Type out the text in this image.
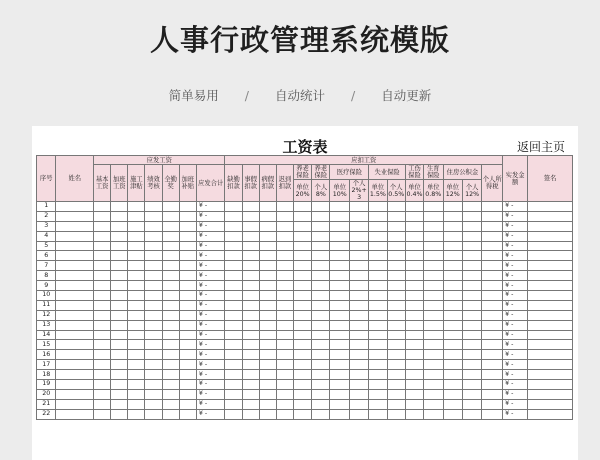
人事行政管理系统模版
简单易用 / 自动统计 / 自动更新
工资表	返回主页
序号	姓名	应发工资							应扣工资															实发金额	签名
		基本工资	加班工资	施工津贴	绩效考核	全勤奖	加班补贴	应发合计	缺勤扣款	事假扣款	病假扣款	迟到扣款	养老保险	养老保险	医疗保险		失业保险		工伤保险	生育保险	住房公积金		个人所得税		

													单位 20%	个人 8%	单位 10%	个人 2%+3	单位 1.5%	个人 0.5%	单位 0.4%	单位 0.8%	单位 12%	个人 12%			
1								¥ -																¥ -	
2								¥ -																¥ -	
3								¥ -																¥ -	
4								¥ -																¥ -	
5								¥ -																¥ -	
6								¥ -																¥ -	
7								¥ -																¥ -	
8								¥ -																¥ -	
9								¥ -																¥ -	
10								¥ -																¥ -	
11								¥ -																¥ -	
12								¥ -																¥ -	
13								¥ -																¥ -	
14								¥ -																¥ -	
15								¥ -																¥ -	
16								¥ -																¥ -	
17								¥ -																¥ -	
18								¥ -																¥ -	
19								¥ -																¥ -	
20								¥ -																¥ -	
21								¥ -																¥ -	
22								¥ -																¥ -	
